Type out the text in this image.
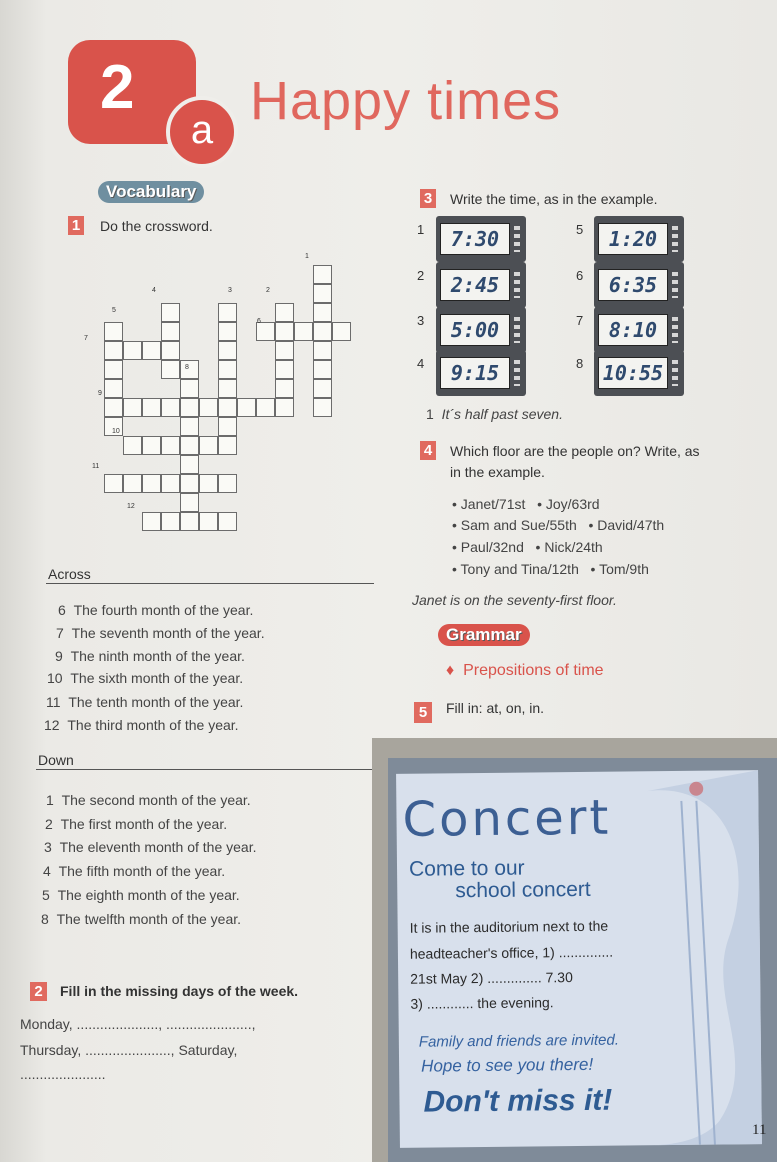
2
a Happy times
Vocabulary
1 Do the crossword.
1
2
3
4
5
6
7
8
9
10
11
12
Across
6 The fourth month of the year.
7 The seventh month of the year.
9 The ninth month of the year.
10 The sixth month of the year.
11 The tenth month of the year.
12 The third month of the year.
Down
1 The second month of the year.
2 The first month of the year.
3 The eleventh month of the year.
4 The fifth month of the year.
5 The eighth month of the year.
8 The twelfth month of the year.
2	Fill in the missing days of the week.
Monday, ....................., ......................,
Thursday, ......................, Saturday,
......................
3 Write the time, as in the example.
1	7:30
2	2:45
3	5:00
4	9:15
5	1:20
6	6:35
7	8:10
8 10:55
1 It´s half past seven.
4 Which floor are the people on? Write, as
in the example.
• Janet/71st   • Joy/63rd
• Sam and Sue/55th   • David/47th
• Paul/32nd   • Nick/24th
• Tony and Tina/12th   • Tom/9th
Janet is on the seventy-first floor.
Grammar
♦ Prepositions of time
5	Fill in: at, on, in.
Concert
Come to our
school concert
It is in the auditorium next to the
headteacher's office, 1) ..............
21st May 2) .............. 7.30
3) ............ the evening.
Family and friends are invited.
Hope to see you there!
Don't miss it!
11
